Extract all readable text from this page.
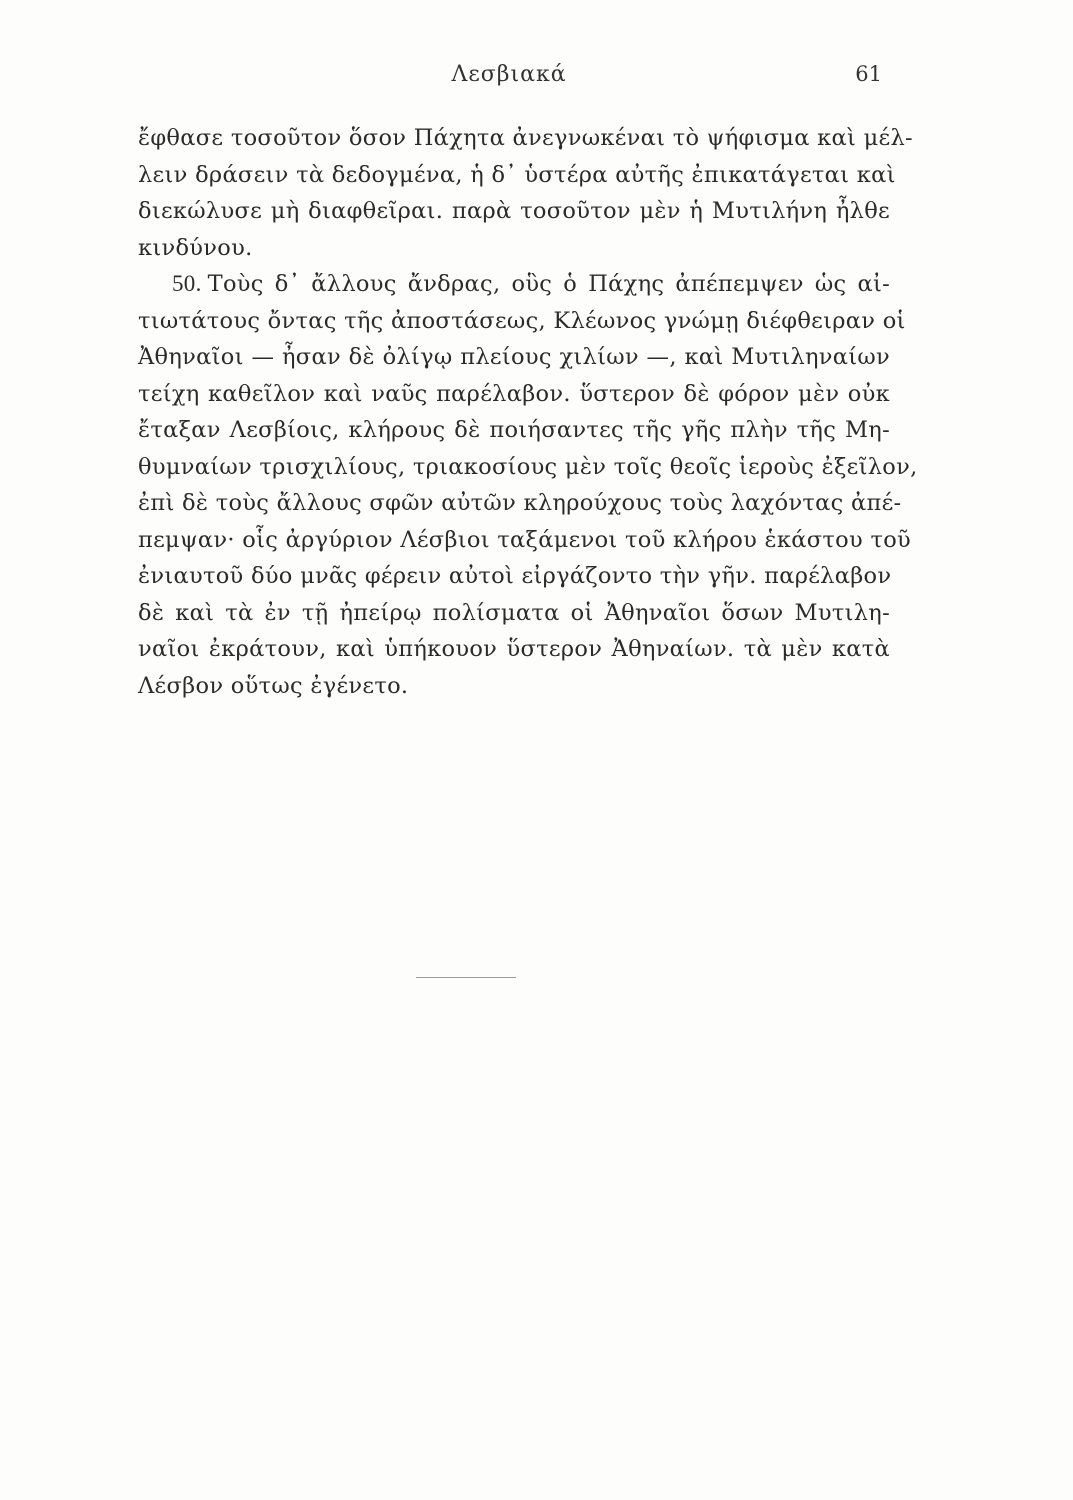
Λεσβιακά	61
ἔφθασε τοσοῦτον ὅσον Πάχητα ἀνεγνωκέναι τὸ ψήφισμα καὶ μέλ-
λειν δράσειν τὰ δεδογμένα, ἡ δ᾽ ὑστέρα αὐτῆς ἐπικατάγεται καὶ
διεκώλυσε μὴ διαφθεῖραι. παρὰ τοσοῦτον μὲν ἡ Μυτιλήνη ἦλθε
κινδύνου.
50. Τοὺς δ᾽ ἄλλους ἄνδρας, οὓς ὁ Πάχης ἀπέπεμψεν ὡς αἰ-
τιωτάτους ὄντας τῆς ἀποστάσεως, Κλέωνος γνώμῃ διέφθειραν οἱ
Ἀθηναῖοι — ἦσαν δὲ ὀλίγῳ πλείους χιλίων —, καὶ Μυτιληναίων
τείχη καθεῖλον καὶ ναῦς παρέλαβον. ὕστερον δὲ φόρον μὲν οὐκ
ἔταξαν Λεσβίοις, κλήρους δὲ ποιήσαντες τῆς γῆς πλὴν τῆς Μη-
θυμναίων τρισχιλίους, τριακοσίους μὲν τοῖς θεοῖς ἱεροὺς ἐξεῖλον,
ἐπὶ δὲ τοὺς ἄλλους σφῶν αὐτῶν κληρούχους τοὺς λαχόντας ἀπέ-
πεμψαν· οἷς ἀργύριον Λέσβιοι ταξάμενοι τοῦ κλήρου ἑκάστου τοῦ
ἐνιαυτοῦ δύο μνᾶς φέρειν αὐτοὶ εἰργάζοντο τὴν γῆν. παρέλαβον
δὲ καὶ τὰ ἐν τῇ ἠπείρῳ πολίσματα οἱ Ἀθηναῖοι ὅσων Μυτιλη-
ναῖοι ἐκράτουν, καὶ ὑπήκουον ὕστερον Ἀθηναίων. τὰ μὲν κατὰ
Λέσβον οὕτως ἐγένετο.
